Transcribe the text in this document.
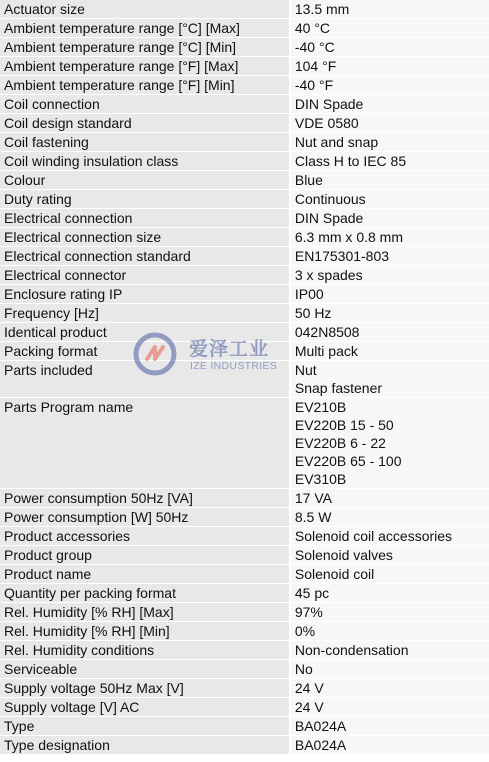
Actuator size	13.5 mm
Ambient temperature range [°C] [Max]	40 °C
Ambient temperature range [°C] [Min]	-40 °C
Ambient temperature range [°F] [Max]	104 °F
Ambient temperature range [°F] [Min]	-40 °F
Coil connection	DIN Spade
Coil design standard	VDE 0580
Coil fastening	Nut and snap
Coil winding insulation class	Class H to IEC 85
Colour	Blue
Duty rating	Continuous
Electrical connection	DIN Spade
Electrical connection size	6.3 mm x 0.8 mm
Electrical connection standard	EN175301-803
Electrical connector	3 x spades
Enclosure rating IP	IP00
Frequency [Hz]	50 Hz
Identical product	042N8508
Packing format	Multi pack
Parts included	Nut
	Snap fastener
Parts Program name	EV210B
	EV220B 15 - 50
	EV220B 6 - 22
	EV220B 65 - 100
	EV310B
Power consumption 50Hz [VA]	17 VA
Power consumption [W] 50Hz	8.5 W
Product accessories	Solenoid coil accessories
Product group	Solenoid valves
Product name	Solenoid coil
Quantity per packing format	45 pc
Rel. Humidity [% RH] [Max]	97%
Rel. Humidity [% RH] [Min]	0%
Rel. Humidity conditions	Non-condensation
Serviceable	No
Supply voltage 50Hz Max [V]	24 V
Supply voltage [V] AC	24 V
Type	BA024A
Type designation	BA024A
爱泽工业
IZE INDUSTRIES
